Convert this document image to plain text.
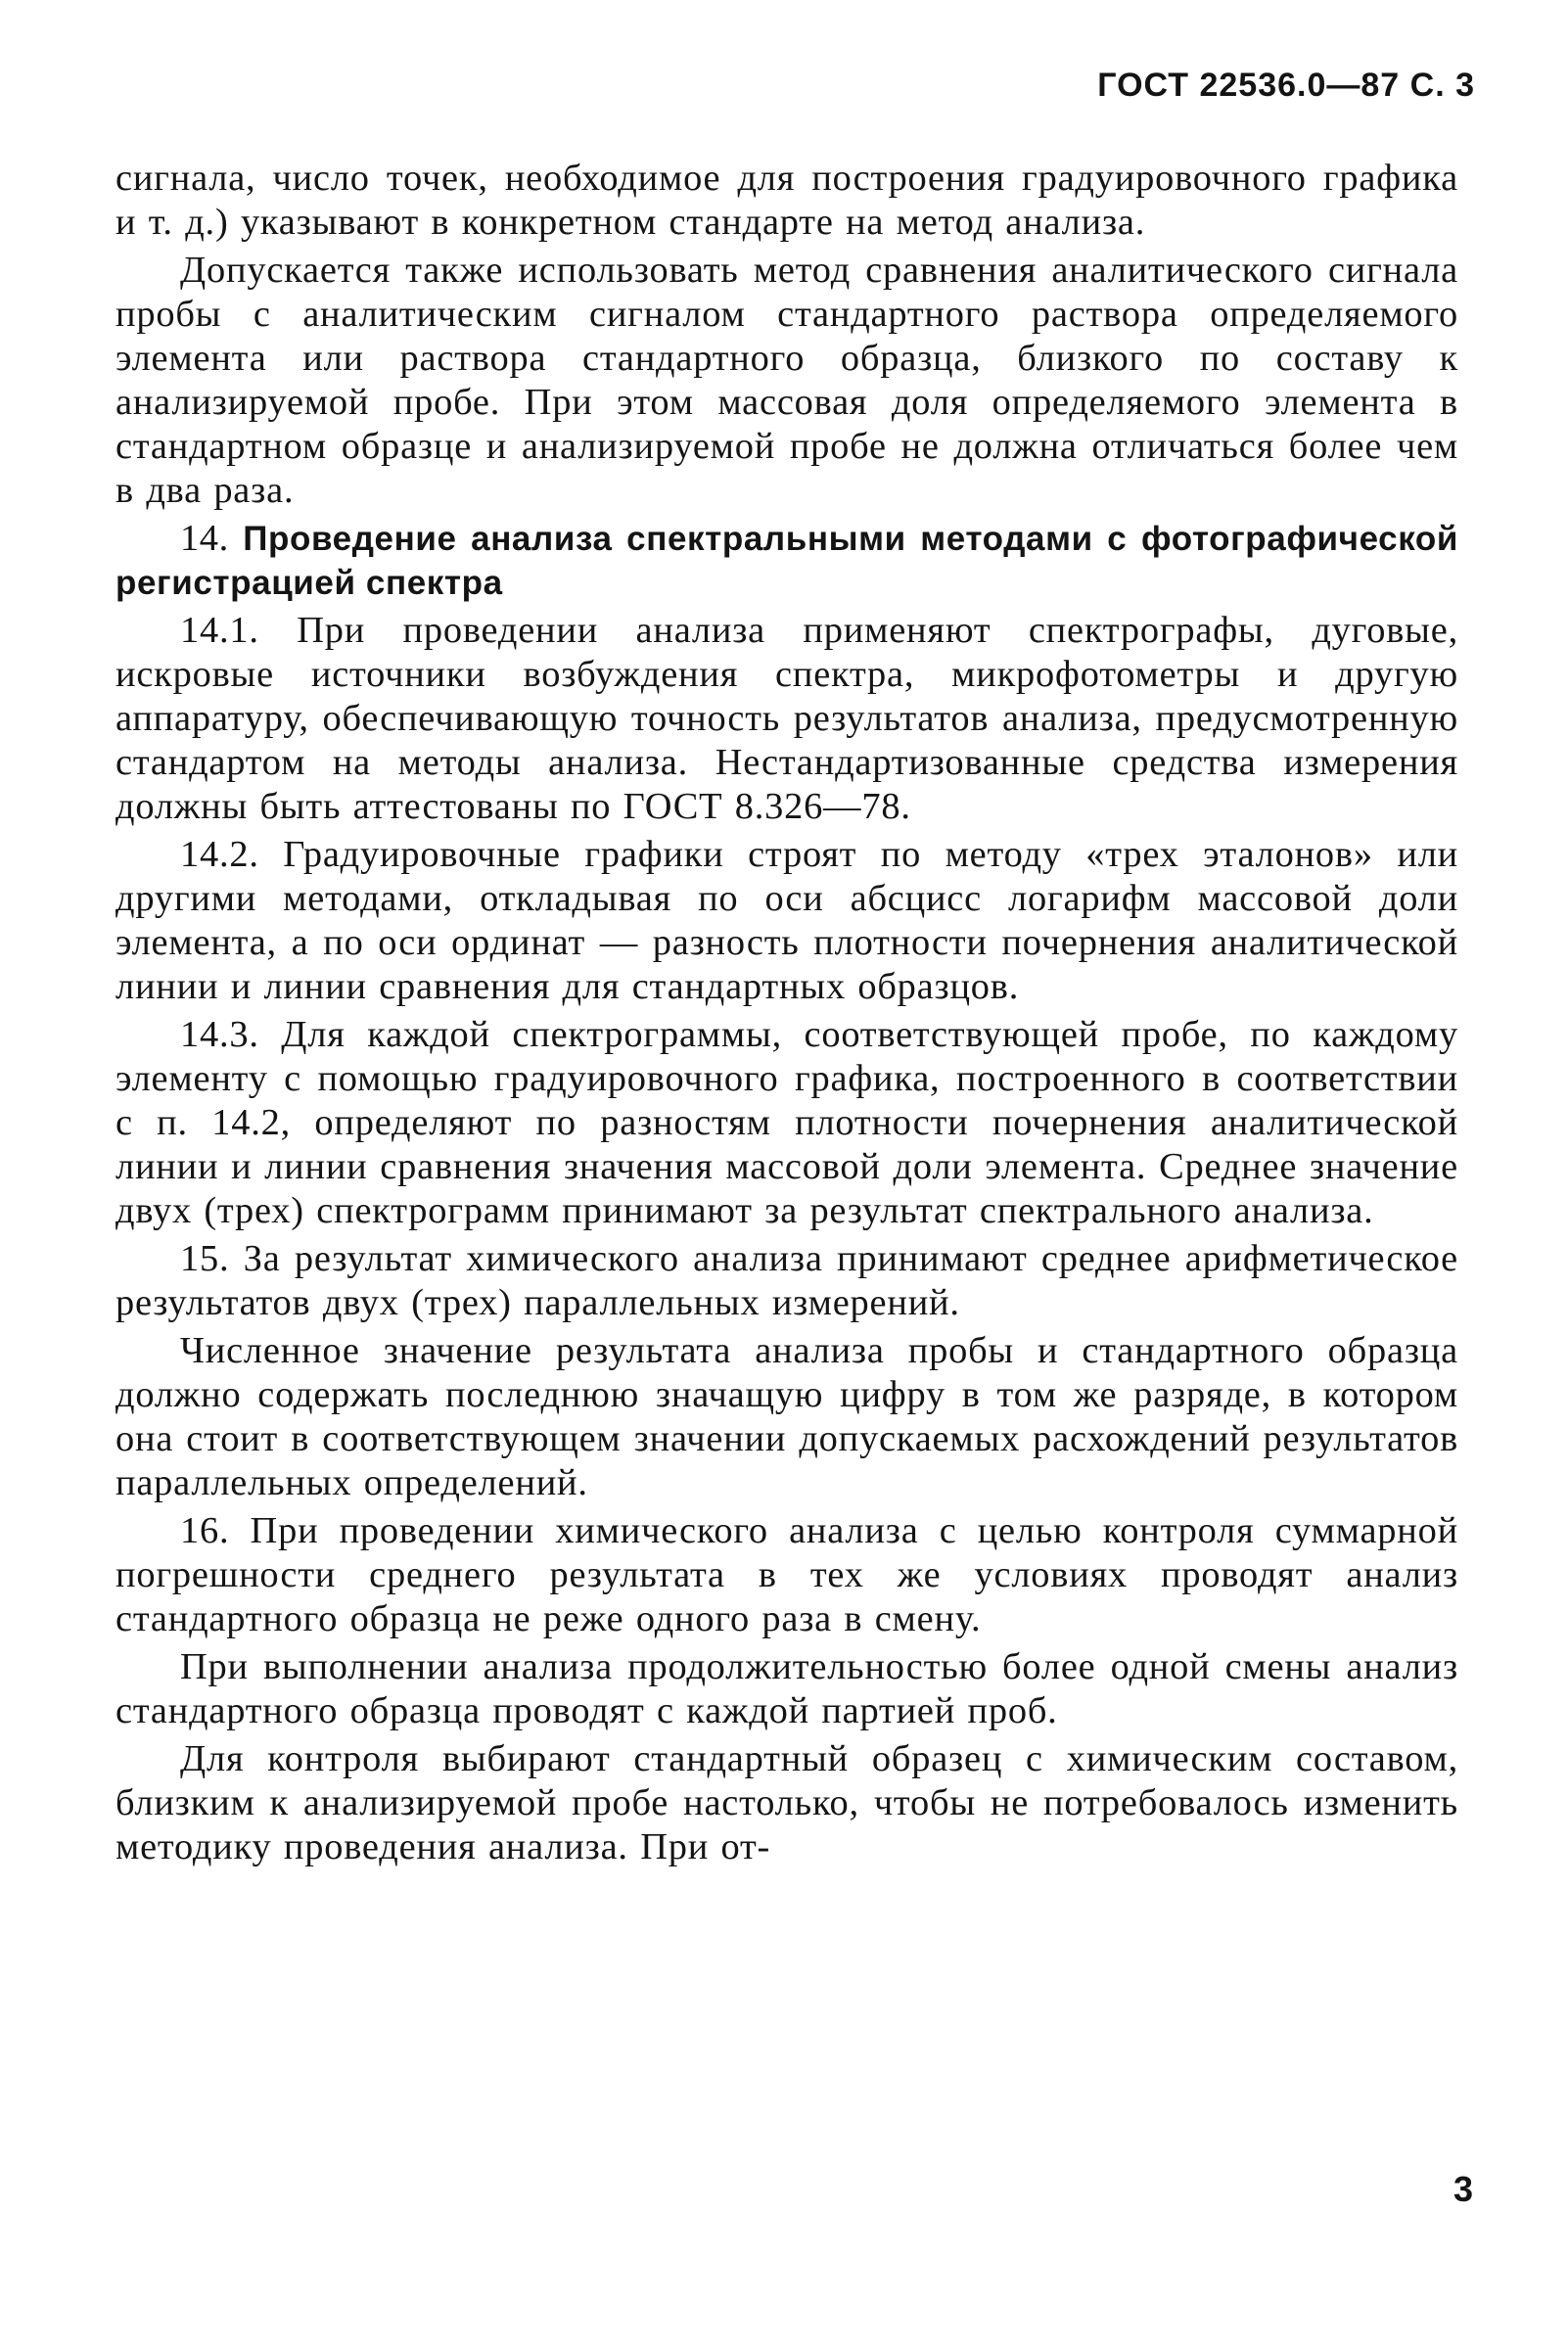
ГОСТ 22536.0—87 С. 3

сигнала, число точек, необходимое для построения градуировочного графика и т. д.) указывают в конкретном стандарте на метод анализа.

Допускается также использовать метод сравнения аналитического сигнала пробы с аналитическим сигналом стандартного раствора определяемого элемента или раствора стандартного образца, близкого по составу к анализируемой пробе. При этом массовая доля определяемого элемента в стандартном образце и анализируемой пробе не должна отличаться более чем в два раза.

14. Проведение анализа спектральными методами с фотографической регистрацией спектра

14.1. При проведении анализа применяют спектрографы, дуговые, искровые источники возбуждения спектра, микрофотометры и другую аппаратуру, обеспечивающую точность результатов анализа, предусмотренную стандартом на методы анализа. Нестандартизованные средства измерения должны быть аттестованы по ГОСТ 8.326—78.

14.2. Градуировочные графики строят по методу «трех эталонов» или другими методами, откладывая по оси абсцисс логарифм массовой доли элемента, а по оси ординат — разность плотности почернения аналитической линии и линии сравнения для стандартных образцов.

14.3. Для каждой спектрограммы, соответствующей пробе, по каждому элементу с помощью градуировочного графика, построенного в соответствии с п. 14.2, определяют по разностям плотности почернения аналитической линии и линии сравнения значения массовой доли элемента. Среднее значение двух (трех) спектрограмм принимают за результат спектрального анализа.

15. За результат химического анализа принимают среднее арифметическое результатов двух (трех) параллельных измерений.

Численное значение результата анализа пробы и стандартного образца должно содержать последнюю значащую цифру в том же разряде, в котором она стоит в соответствующем значении допускаемых расхождений результатов параллельных определений.

16. При проведении химического анализа с целью контроля суммарной погрешности среднего результата в тех же условиях проводят анализ стандартного образца не реже одного раза в смену.

При выполнении анализа продолжительностью более одной смены анализ стандартного образца проводят с каждой партией проб.

Для контроля выбирают стандартный образец с химическим составом, близким к анализируемой пробе настолько, чтобы не потребовалось изменить методику проведения анализа. При от-

3
